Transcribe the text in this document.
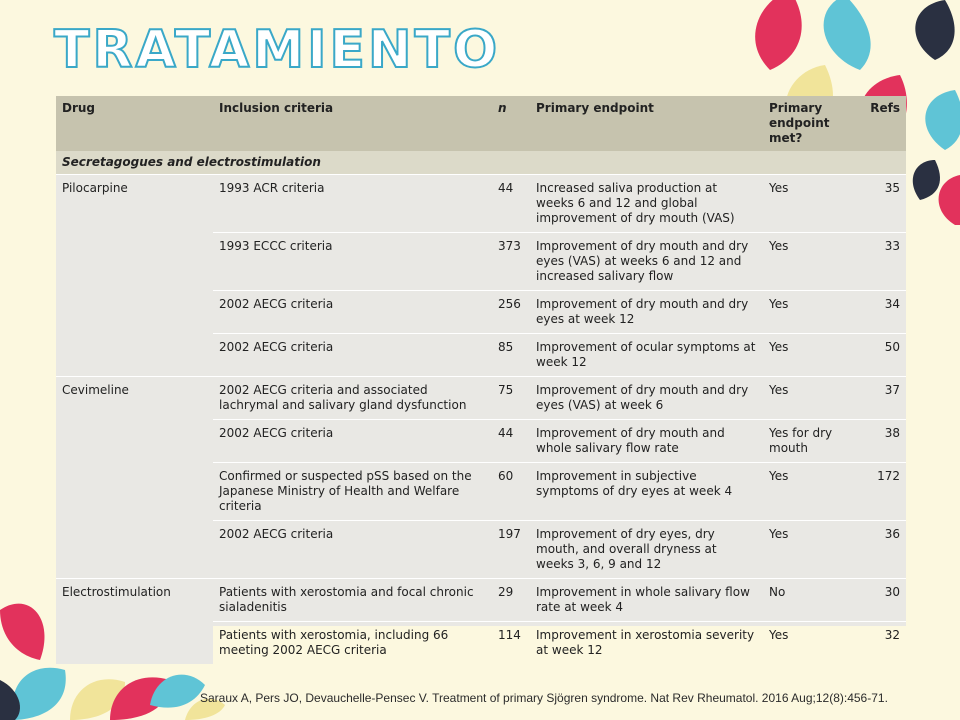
TRATAMIENTO
Drug	Inclusion criteria	n	Primary endpoint	Primary endpoint met?	Refs
Secretagogues and electrostimulation					
Pilocarpine	1993 ACR criteria	44	Increased saliva production at weeks 6 and 12 and global improvement of dry mouth (VAS)	Yes	35
	1993 ECCC criteria	373	Improvement of dry mouth and dry eyes (VAS) at weeks 6 and 12 and increased salivary flow	Yes	33
	2002 AECG criteria	256	Improvement of dry mouth and dry eyes at week 12	Yes	34
	2002 AECG criteria	85	Improvement of ocular symptoms at week 12	Yes	50
Cevimeline	2002 AECG criteria and associated lachrymal and salivary gland dysfunction	75	Improvement of dry mouth and dry eyes (VAS) at week 6	Yes	37
	2002 AECG criteria	44	Improvement of dry mouth and whole salivary flow rate	Yes for dry mouth	38
	Confirmed or suspected pSS based on the Japanese Ministry of Health and Welfare criteria	60	Improvement in subjective symptoms of dry eyes at week 4	Yes	172
	2002 AECG criteria	197	Improvement of dry eyes, dry mouth, and overall dryness at weeks 3, 6, 9 and 12	Yes	36
Electrostimulation	Patients with xerostomia and focal chronic sialadenitis	29	Improvement in whole salivary flow rate at week 4	No	30
	Patients with xerostomia, including 66 meeting 2002 AECG criteria	114	Improvement in xerostomia severity at week 12	Yes	32
Saraux A, Pers JO, Devauchelle-Pensec V. Treatment of primary Sjögren syndrome. Nat Rev Rheumatol. 2016 Aug;12(8):456-71.
